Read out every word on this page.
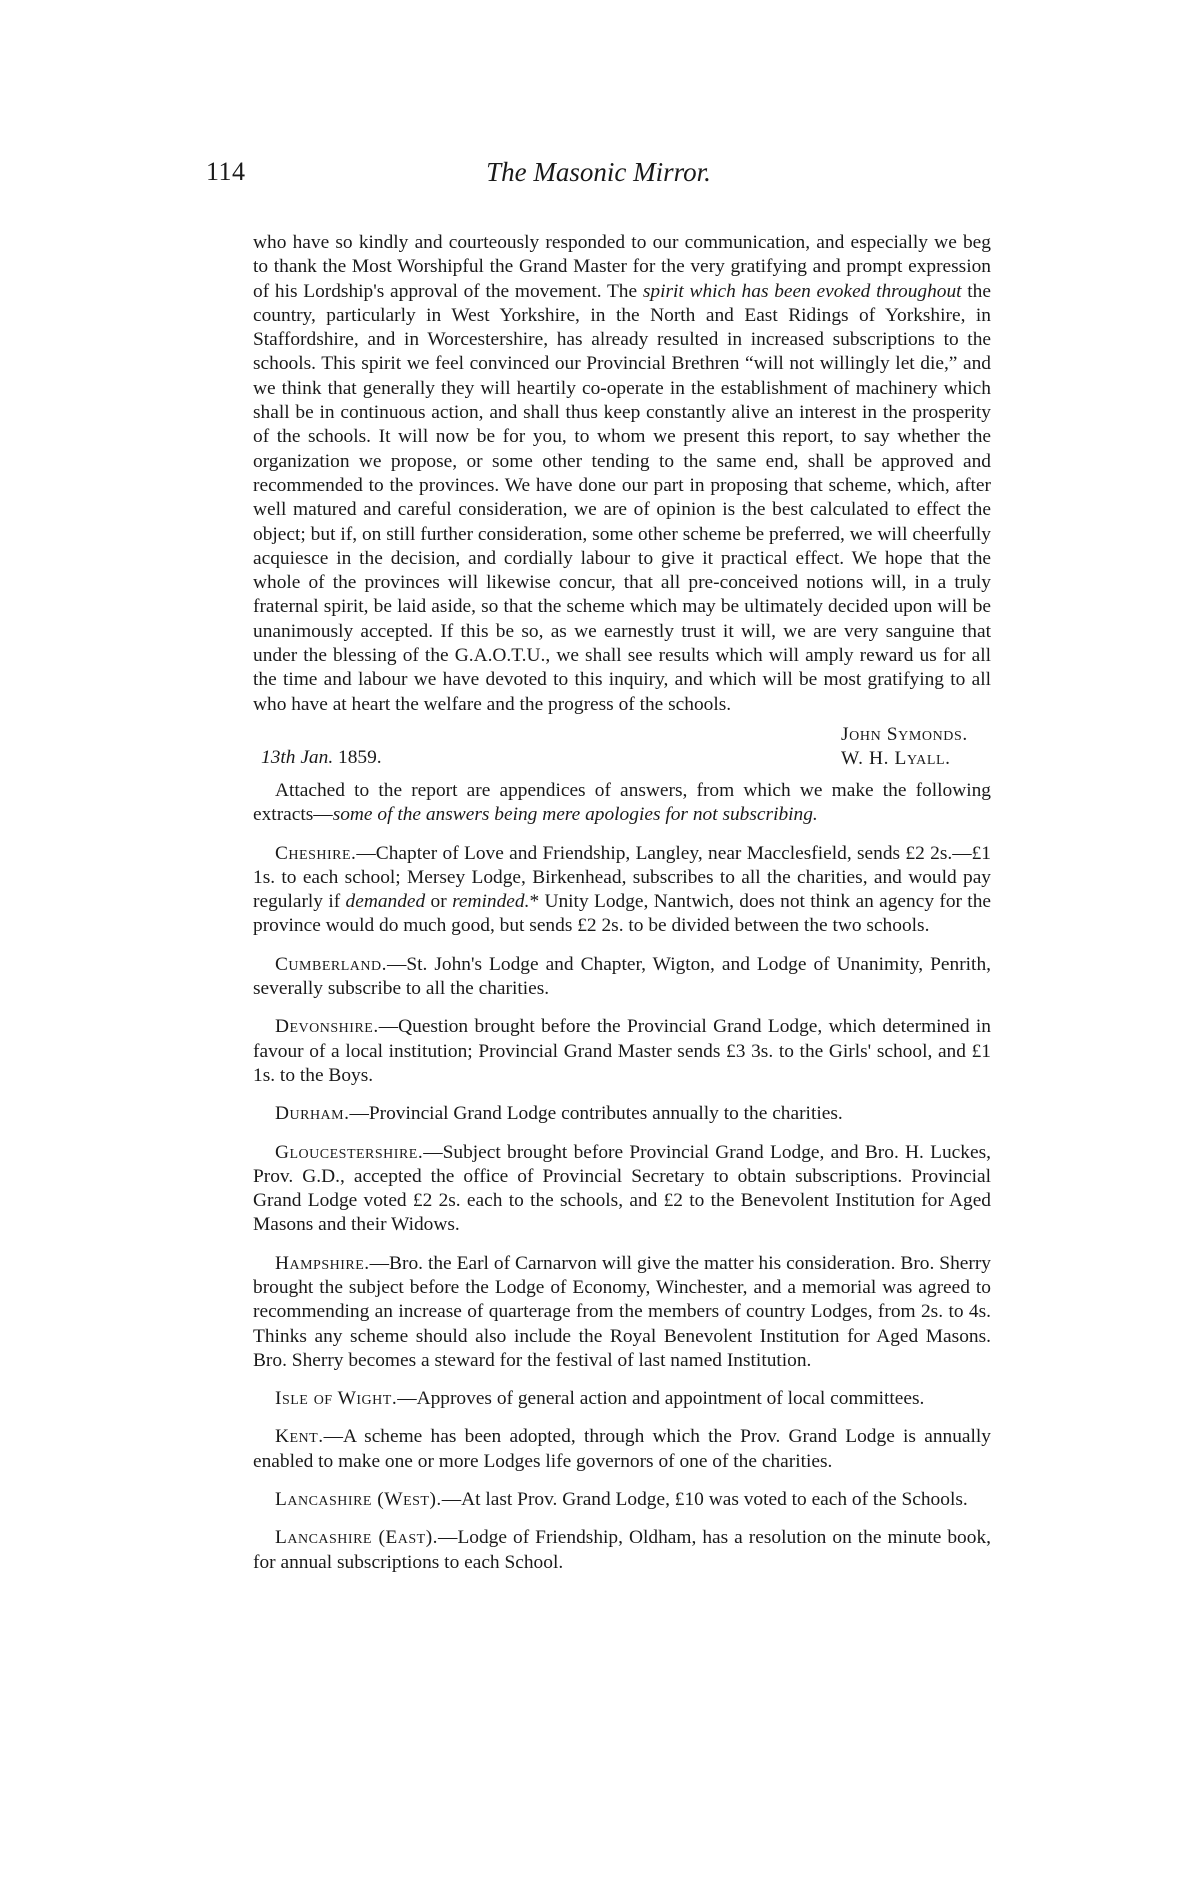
114	The Masonic Mirror.

who have so kindly and courteously responded to our communication, and especially we beg to thank the Most Worshipful the Grand Master for the very gratifying and prompt expression of his Lordship's approval of the movement. The spirit which has been evoked throughout the country, particularly in West Yorkshire, in the North and East Ridings of Yorkshire, in Staffordshire, and in Worcestershire, has already resulted in increased subscriptions to the schools. This spirit we feel convinced our Provincial Brethren “will not willingly let die,” and we think that generally they will heartily co-operate in the establishment of machinery which shall be in continuous action, and shall thus keep constantly alive an interest in the prosperity of the schools. It will now be for you, to whom we present this report, to say whether the organization we propose, or some other tending to the same end, shall be approved and recommended to the provinces. We have done our part in proposing that scheme, which, after well matured and careful consideration, we are of opinion is the best calculated to effect the object; but if, on still further consideration, some other scheme be preferred, we will cheerfully acquiesce in the decision, and cordially labour to give it practical effect. We hope that the whole of the provinces will likewise concur, that all pre-conceived notions will, in a truly fraternal spirit, be laid aside, so that the scheme which may be ultimately decided upon will be unanimously accepted. If this be so, as we earnestly trust it will, we are very sanguine that under the blessing of the G.A.O.T.U., we shall see results which will amply reward us for all the time and labour we have devoted to this inquiry, and which will be most gratifying to all who have at heart the welfare and the progress of the schools.

John Symonds.
W. H. Lyall.
13th Jan. 1859.

Attached to the report are appendices of answers, from which we make the following extracts—some of the answers being mere apologies for not subscribing.

Cheshire.—Chapter of Love and Friendship, Langley, near Macclesfield, sends £2 2s.—£1 1s. to each school; Mersey Lodge, Birkenhead, subscribes to all the charities, and would pay regularly if demanded or reminded.* Unity Lodge, Nantwich, does not think an agency for the province would do much good, but sends £2 2s. to be divided between the two schools.

Cumberland.—St. John's Lodge and Chapter, Wigton, and Lodge of Unanimity, Penrith, severally subscribe to all the charities.

Devonshire.—Question brought before the Provincial Grand Lodge, which determined in favour of a local institution; Provincial Grand Master sends £3 3s. to the Girls' school, and £1 1s. to the Boys.

Durham.—Provincial Grand Lodge contributes annually to the charities.

Gloucestershire.—Subject brought before Provincial Grand Lodge, and Bro. H. Luckes, Prov. G.D., accepted the office of Provincial Secretary to obtain subscriptions. Provincial Grand Lodge voted £2 2s. each to the schools, and £2 to the Benevolent Institution for Aged Masons and their Widows.

Hampshire.—Bro. the Earl of Carnarvon will give the matter his consideration. Bro. Sherry brought the subject before the Lodge of Economy, Winchester, and a memorial was agreed to recommending an increase of quarterage from the members of country Lodges, from 2s. to 4s. Thinks any scheme should also include the Royal Benevolent Institution for Aged Masons. Bro. Sherry becomes a steward for the festival of last named Institution.

Isle of Wight.—Approves of general action and appointment of local committees.

Kent.—A scheme has been adopted, through which the Prov. Grand Lodge is annually enabled to make one or more Lodges life governors of one of the charities.

Lancashire (West).—At last Prov. Grand Lodge, £10 was voted to each of the Schools.

Lancashire (East).—Lodge of Friendship, Oldham, has a resolution on the minute book, for annual subscriptions to each School.
